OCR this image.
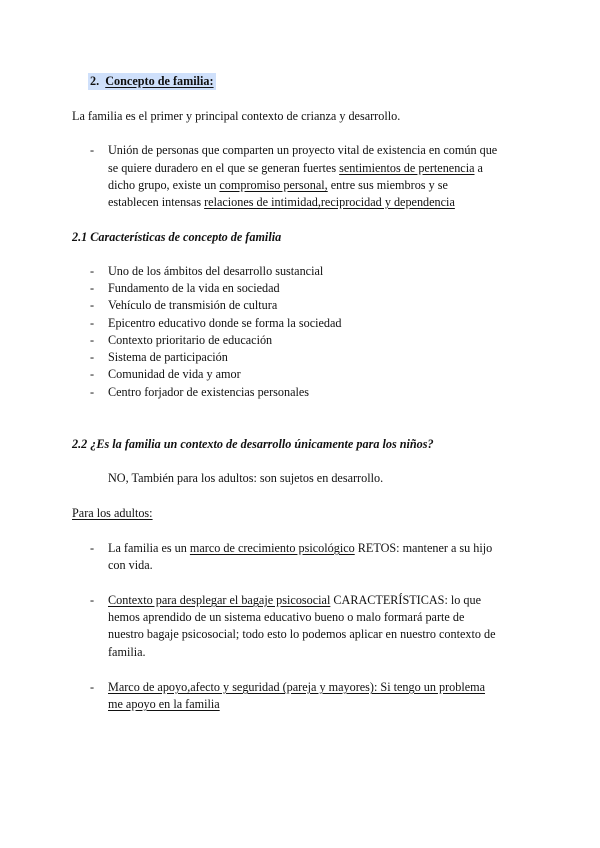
2. Concepto de familia:
La familia es el primer y principal contexto de crianza y desarrollo.
-	Unión de personas que comparten un proyecto vital de existencia en común que
se quiere duradero en el que se generan fuertes sentimientos de pertenencia a
dicho grupo, existe un compromiso personal, entre sus miembros y se
establecen intensas relaciones de intimidad,reciprocidad y dependencia
2.1 Características de concepto de familia
-	Uno de los ámbitos del desarrollo sustancial
-	Fundamento de la vida en sociedad
-	Vehículo de transmisión de cultura
-	Epicentro educativo donde se forma la sociedad
-	Contexto prioritario de educación
-	Sistema de participación
-	Comunidad de vida y amor
-	Centro forjador de existencias personales
2.2 ¿Es la familia un contexto de desarrollo únicamente para los niños?
NO, También para los adultos: son sujetos en desarrollo.
Para los adultos:
-	La familia es un marco de crecimiento psicológico RETOS: mantener a su hijo
con vida.
-	Contexto para desplegar el bagaje psicosocial CARACTERÍSTICAS: lo que
hemos aprendido de un sistema educativo bueno o malo formará parte de
nuestro bagaje psicosocial; todo esto lo podemos aplicar en nuestro contexto de
familia.
-	Marco de apoyo,afecto y seguridad (pareja y mayores): Si tengo un problema
me apoyo en la familia
